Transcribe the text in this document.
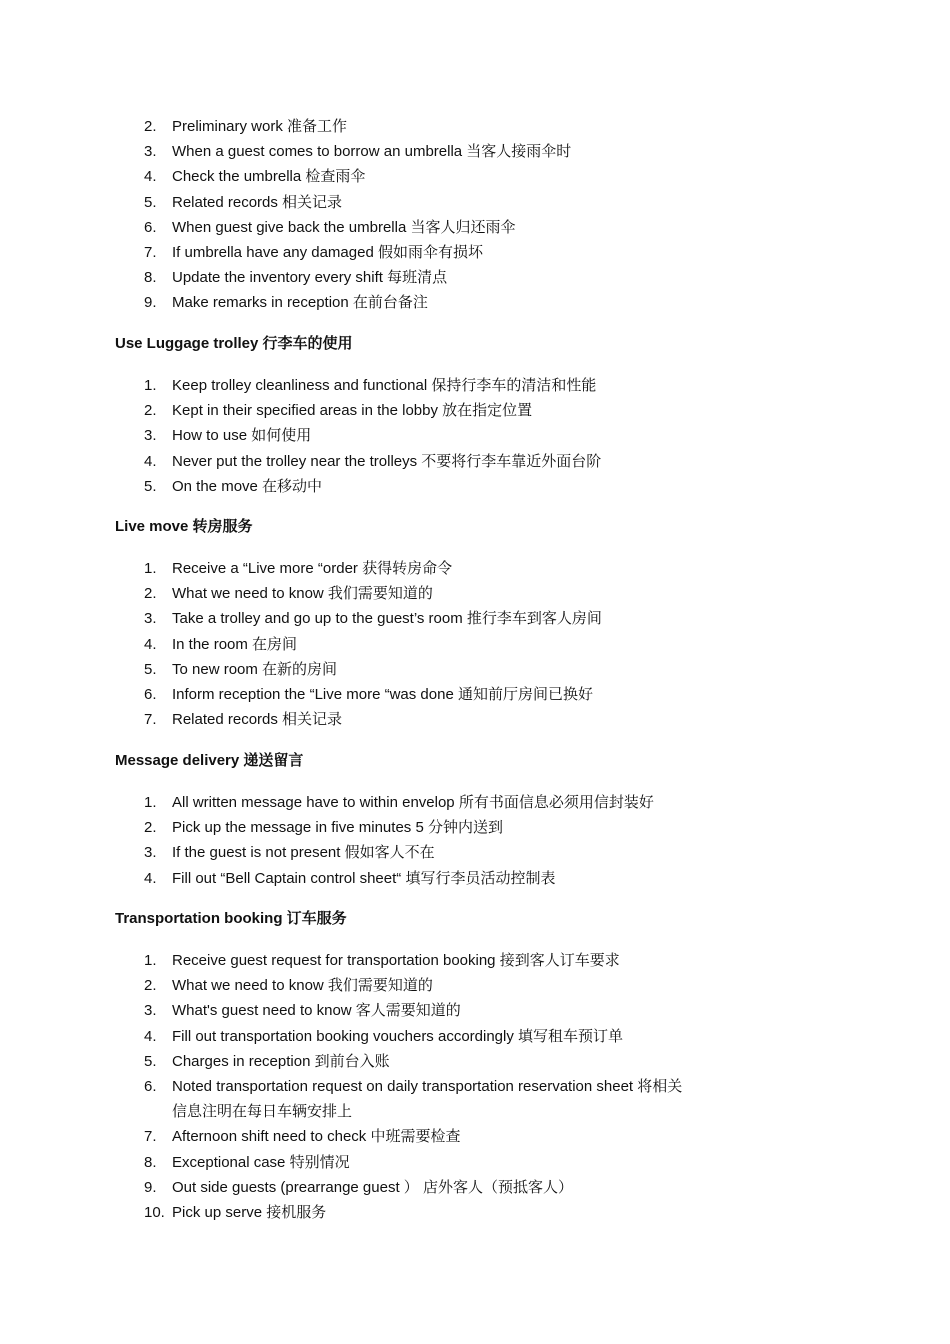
2. Preliminary work 准备工作
3. When a guest comes to borrow an umbrella 当客人接雨伞时
4. Check the umbrella 检查雨伞
5. Related records 相关记录
6. When guest give back the umbrella 当客人归还雨伞
7. If umbrella have any damaged 假如雨伞有损坏
8. Update the inventory every shift 每班清点
9. Make remarks in reception 在前台备注
Use Luggage trolley 行李车的使用
1. Keep trolley cleanliness and functional 保持行李车的清洁和性能
2. Kept in their specified areas in the lobby 放在指定位置
3. How to use 如何使用
4. Never put the trolley near the trolleys 不要将行李车靠近外面台阶
5. On the move 在移动中
Live move 转房服务
1. Receive a “Live more “order 获得转房命令
2. What we need to know 我们需要知道的
3. Take a trolley and go up to the guest’s room 推行李车到客人房间
4. In the room 在房间
5. To new room 在新的房间
6. Inform reception the “Live more “was done 通知前厅房间已换好
7. Related records 相关记录
Message delivery 递送留言
1. All written message have to within envelop 所有书面信息必须用信封装好
2. Pick up the message in five minutes 5 分钟内送到
3. If the guest is not present 假如客人不在
4. Fill out “Bell Captain control sheet“ 填写行李员活动控制表
Transportation booking 订车服务
1. Receive guest request for transportation booking 接到客人订车要求
2. What we need to know 我们需要知道的
3. What's guest need to know 客人需要知道的
4. Fill out transportation booking vouchers accordingly 填写租车预订单
5. Charges in reception 到前台入账
6. Noted transportation request on daily transportation reservation sheet 将相关信息注明在每日车辆安排上
7. Afternoon shift need to check 中班需要检查
8. Exceptional case 特别情况
9. Out side guests (prearrange guest ） 店外客人（预抵客人）
10. Pick up serve 接机服务
